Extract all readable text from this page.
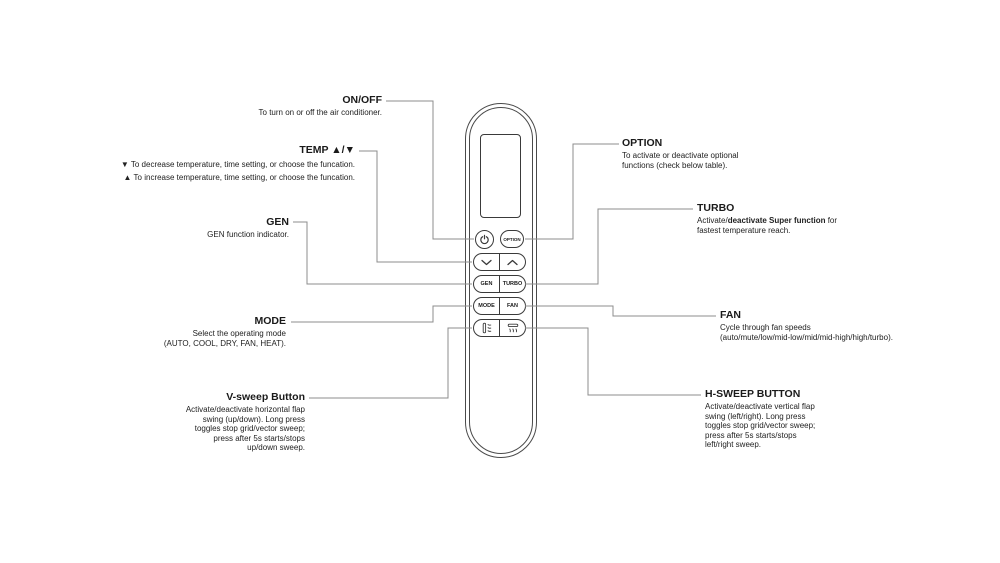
OPTION
GEN TURBO
MODE FAN
ON/OFF
To turn on or off the air conditioner.
TEMP ▲/▼
▼ To decrease temperature, time setting, or choose the funcation.
▲ To increase temperature, time setting, or choose the funcation.
GEN
GEN function indicator.
MODE
Select the operating mode
(AUTO, COOL, DRY, FAN, HEAT).
V-sweep Button
Activate/deactivate horizontal flap
swing (up/down). Long press
toggles stop grid/vector sweep;
press after 5s starts/stops
up/down sweep.
OPTION
To activate or deactivate optional
functions (check below table).
TURBO
Activate/deactivate Super function for
fastest temperature reach.
FAN
Cycle through fan speeds
(auto/mute/low/mid-low/mid/mid-high/high/turbo).
H-SWEEP BUTTON
Activate/deactivate vertical flap
swing (left/right). Long press
toggles stop grid/vector sweep;
press after 5s starts/stops
left/right sweep.
